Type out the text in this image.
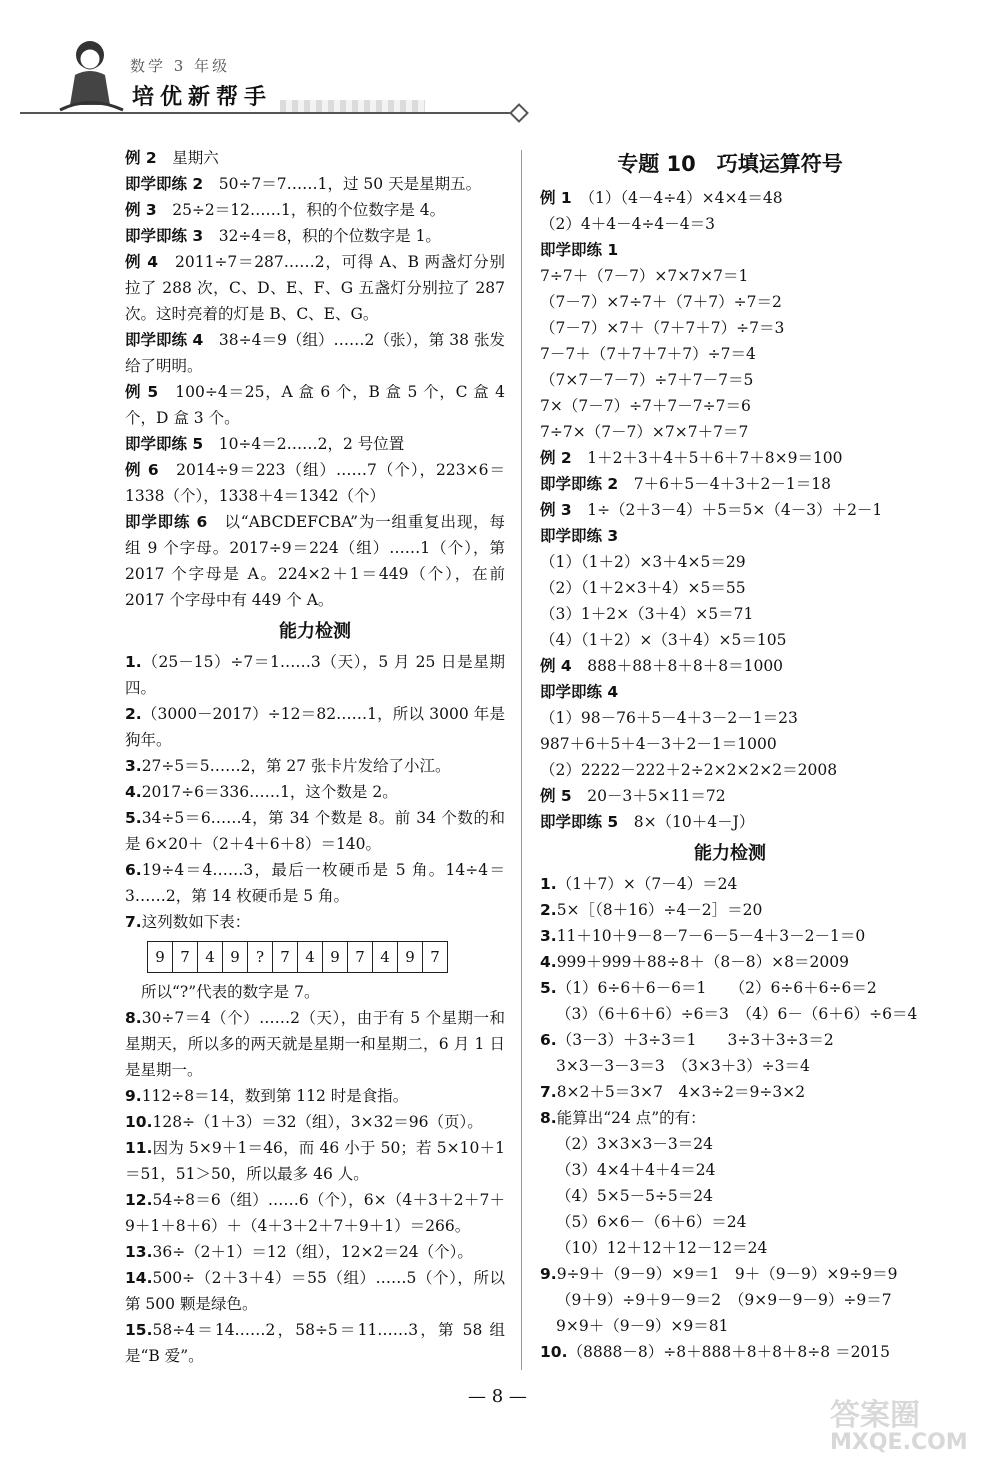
数学 3 年级
培优新帮手
例 2　 星期六
即学即练 2　 50÷7＝7……1，过 50 天是星期五。
例 3　 25÷2＝12……1，积的个位数字是 4。
即学即练 3　 32÷4＝8，积的个位数字是 1。
例 4　 2011÷7＝287……2，可得 A、B 两盏灯分别拉了 288 次，C、D、E、F、G 五盏灯分别拉了 287 次。这时亮着的灯是 B、C、E、G。
即学即练 4　 38÷4＝9（组）……2（张），第 38 张发给了明明。
例 5　 100÷4＝25，A 盒 6 个，B 盒 5 个，C 盒 4 个，D 盒 3 个。
即学即练 5　 10÷4＝2……2，2 号位置
例 6　 2014÷9＝223（组）……7（个），223×6＝1338（个），1338＋4＝1342（个）
即学即练 6　 以“ABCDEFCBA”为一组重复出现，每组 9 个字母。2017÷9＝224（组）……1（个），第 2017 个字母是 A。224×2＋1＝449（个），在前 2017 个字母中有 449 个 A。
能力检测
1.（25－15）÷7＝1……3（天），5 月 25 日是星期四。
2.（3000－2017）÷12＝82……1，所以 3000 年是狗年。
3.27÷5＝5……2，第 27 张卡片发给了小江。
4.2017÷6＝336……1，这个数是 2。
5.34÷5＝6……4，第 34 个数是 8。前 34 个数的和是 6×20＋（2＋4＋6＋8）＝140。
6.19÷4＝4……3，最后一枚硬币是 5 角。14÷4＝3……2，第 14 枚硬币是 5 角。
7.这列数如下表：
9	7	4	9	?	7	4	9	7	4	9	7
所以“?”代表的数字是 7。
8.30÷7＝4（个）……2（天），由于有 5 个星期一和星期天，所以多的两天就是星期一和星期二，6 月 1 日是星期一。
9.112÷8＝14，数到第 112 时是食指。
10.128÷（1＋3）＝32（组），3×32＝96（页）。
11.因为 5×9＋1＝46，而 46 小于 50；若 5×10＋1＝51，51＞50，所以最多 46 人。
12.54÷8＝6（组）……6（个），6×（4＋3＋2＋7＋9＋1＋8＋6）＋（4＋3＋2＋7＋9＋1）＝266。
13.36÷（2＋1）＝12（组），12×2＝24（个）。
14.500÷（2＋3＋4）＝55（组）……5（个），所以第 500 颗是绿色。
15.58÷4＝14……2，58÷5＝11……3，第 58 组是“B 爱”。
专题 10　巧填运算符号
例 1　 （1）（4－4÷4）×4×4＝48
（2）4＋4－4÷4－4＝3
即学即练 1
7÷7＋（7－7）×7×7×7＝1
（7－7）×7÷7＋（7＋7）÷7＝2
（7－7）×7＋（7＋7＋7）÷7＝3
7－7＋（7＋7＋7＋7）÷7＝4
（7×7－7－7）÷7＋7－7＝5
7×（7－7）÷7＋7－7÷7＝6
7÷7×（7－7）×7×7＋7＝7
例 2　 1＋2＋3＋4＋5＋6＋7＋8×9＝100
即学即练 2　 7＋6＋5－4＋3＋2－1＝18
例 3　 1÷（2＋3－4）＋5＝5×（4－3）＋2－1
即学即练 3
（1）（1＋2）×3＋4×5＝29
（2）（1＋2×3＋4）×5＝55
（3）1＋2×（3＋4）×5＝71
（4）（1＋2）×（3＋4）×5＝105
例 4　 888＋88＋8＋8＋8＝1000
即学即练 4
（1）98－76＋5－4＋3－2－1＝23
987＋6＋5＋4－3＋2－1＝1000
（2）2222－222＋2÷2×2×2×2＝2008
例 5　 20－3＋5×11＝72
即学即练 5　 8×（10＋4－J）
能力检测
1.（1＋7）×（7－4）＝24
2.5×［（8＋16）÷4－2］＝20
3.11＋10＋9－8－7－6－5－4＋3－2－1＝0
4.999＋999＋88÷8＋（8－8）×8＝2009
5.（1）6÷6＋6－6＝1　　（2）6÷6＋6÷6＝2
（3）（6＋6＋6）÷6＝3　（4）6－（6＋6）÷6＝4
6.（3－3）＋3÷3＝1　　3÷3＋3÷3＝2
3×3－3－3＝3　（3×3＋3）÷3＝4
7.8×2＋5＝3×7　4×3÷2＝9÷3×2
8.能算出“24 点”的有：
（2）3×3×3－3＝24
（3）4×4＋4＋4＝24
（4）5×5－5÷5＝24
（5）6×6－（6＋6）＝24
（10）12＋12＋12－12＝24
9.9÷9＋（9－9）×9＝1　9＋（9－9）×9÷9＝9
（9＋9）÷9＋9－9＝2　（9×9－9－9）÷9＝7
9×9＋（9－9）×9＝81
10.（8888－8）÷8＋888＋8＋8＋8÷8 ＝2015
— 8 —
答案圈
MXQE.COM
